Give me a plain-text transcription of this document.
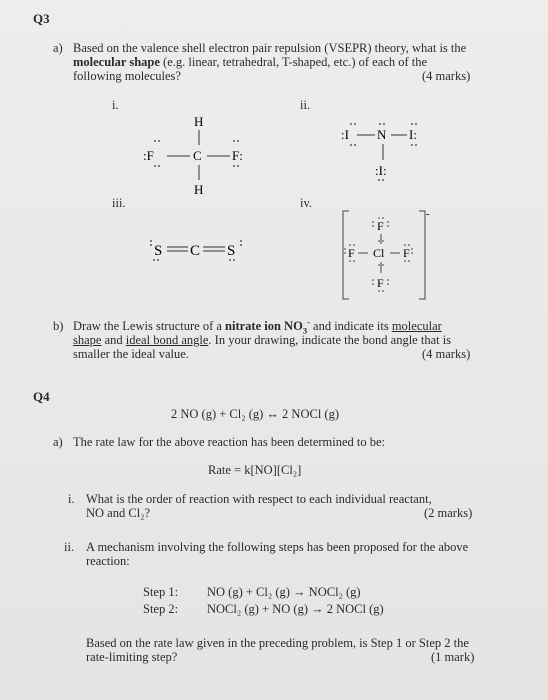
Q3
a) Based on the valence shell electron pair repulsion (VSEPR) theory, what is the
molecular shape (e.g. linear, tetrahedral, T-shaped, etc.) of each of the
following molecules?	(4 marks)
i.	ii.
iii.	iv.
H
:F	C F:
H
:I N I:
:I:
S C S
-
F
F Cl F
F
b) Draw the Lewis structure of a nitrate ion $NO_3^-$ and indicate its molecular
shape and ideal bond angle. In your drawing, indicate the bond angle that is
smaller the ideal value.	(4 marks)
Q4
2 NO (g) + Cl₂ (g) ↔ 2 NOCl (g)
a) The rate law for the above reaction has been determined to be:
Rate = k[NO][Cl₂]
i. What is the order of reaction with respect to each individual reactant,
NO and Cl₂?	(2 marks)
ii. A mechanism involving the following steps has been proposed for the above
reaction:
Step 1: NO (g) + Cl₂ (g) → NOCl₂ (g)
Step 2: NOCl₂ (g) + NO (g) → 2 NOCl (g)
Based on the rate law given in the preceding problem, is Step 1 or Step 2 the
rate-limiting step?	(1 mark)
